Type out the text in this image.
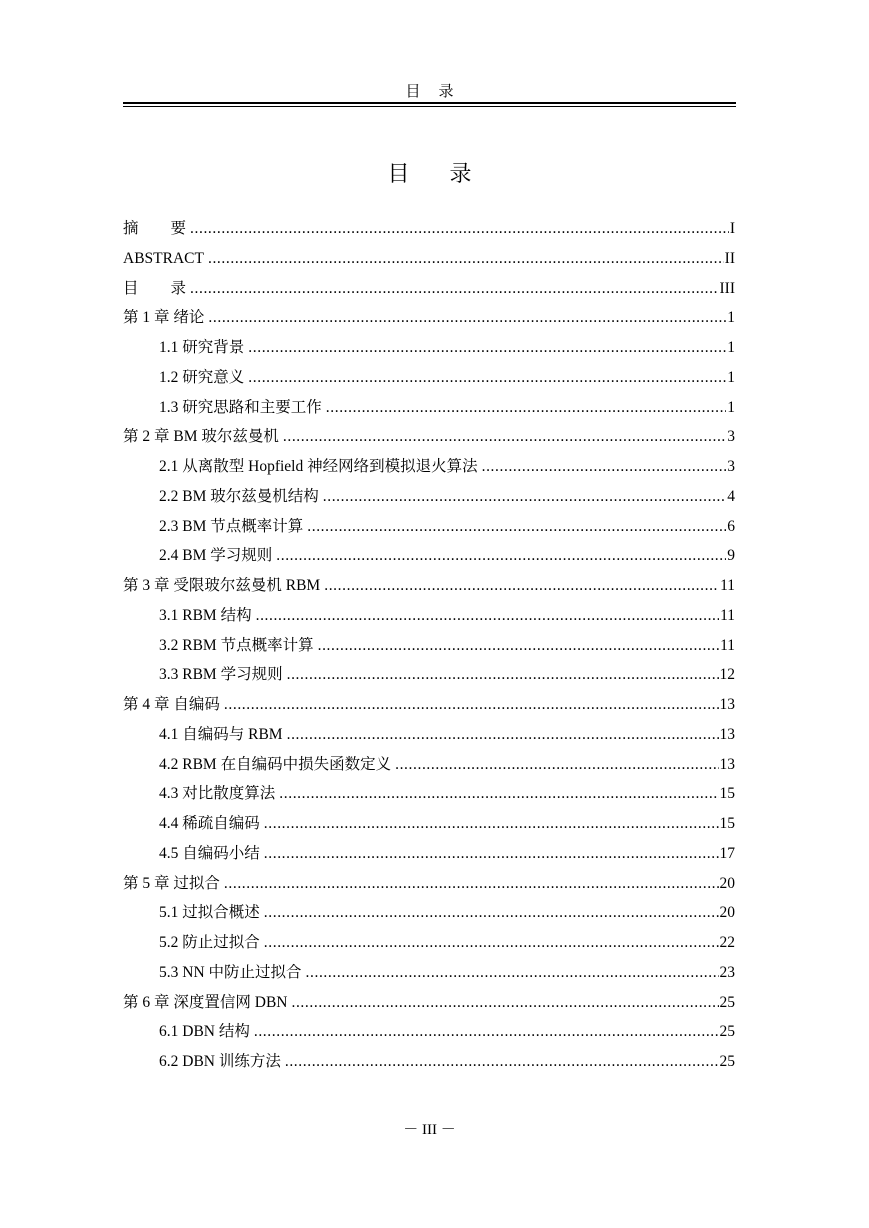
目录
目录
摘要 .....	I
ABSTRACT .....	II
目录 .....	III
第 1 章 绪论 .....	1
1.1 研究背景 .....	1
1.2 研究意义 .....	1
1.3 研究思路和主要工作 .....	1
第 2 章 BM 玻尔兹曼机 .....	3
2.1 从离散型 Hopfield 神经网络到模拟退火算法 .....	3
2.2 BM 玻尔兹曼机结构 .....	4
2.3 BM 节点概率计算 .....	6
2.4 BM 学习规则 .....	9
第 3 章 受限玻尔兹曼机 RBM .....	11
3.1 RBM 结构 .....	11
3.2 RBM 节点概率计算 .....	11
3.3 RBM 学习规则 .....	12
第 4 章 自编码 .....	13
4.1 自编码与 RBM .....	13
4.2 RBM 在自编码中损失函数定义 .....	13
4.3 对比散度算法 .....	15
4.4 稀疏自编码 .....	15
4.5 自编码小结 .....	17
第 5 章 过拟合 .....	20
5.1 过拟合概述 .....	20
5.2 防止过拟合 .....	22
5.3 NN 中防止过拟合 .....	23
第 6 章 深度置信网 DBN .....	25
6.1 DBN 结构 .....	25
6.2 DBN 训练方法 .....	25
－ III －
